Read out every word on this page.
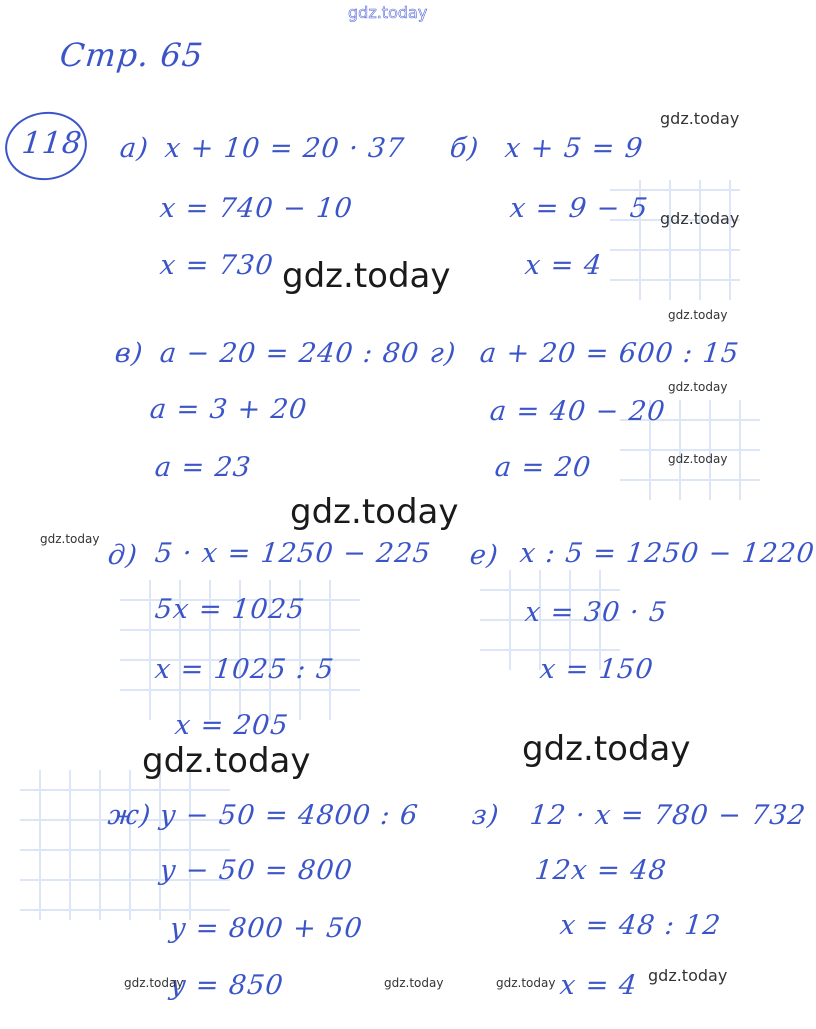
gdz.today
Стр. 65
118 а) x + 10 = 20 · 37
x = 740 − 10
x = 730
б) x + 5 = 9
x = 9 − 5
x = 4
в) a − 20 = 240 : 80
a = 3 + 20
a = 23
г) a + 20 = 600 : 15
a = 40 − 20
a = 20
д) 5 · x = 1250 − 225
5x = 1025
x = 1025 : 5
x = 205
е) x : 5 = 1250 − 1220
x = 30 · 5
x = 150
ж) y − 50 = 4800 : 6
y − 50 = 800
y = 800 + 50
y = 850
з) 12 · x = 780 − 732
12x = 48
x = 48 : 12
x = 4
gdz.today
gdz.today
gdz.today	gdz.today
gdz.today
gdz.today
gdz.today
gdz.today
gdz.today
gdz.today
gdz.today	gdz.today	gdz.today	gdz.today
